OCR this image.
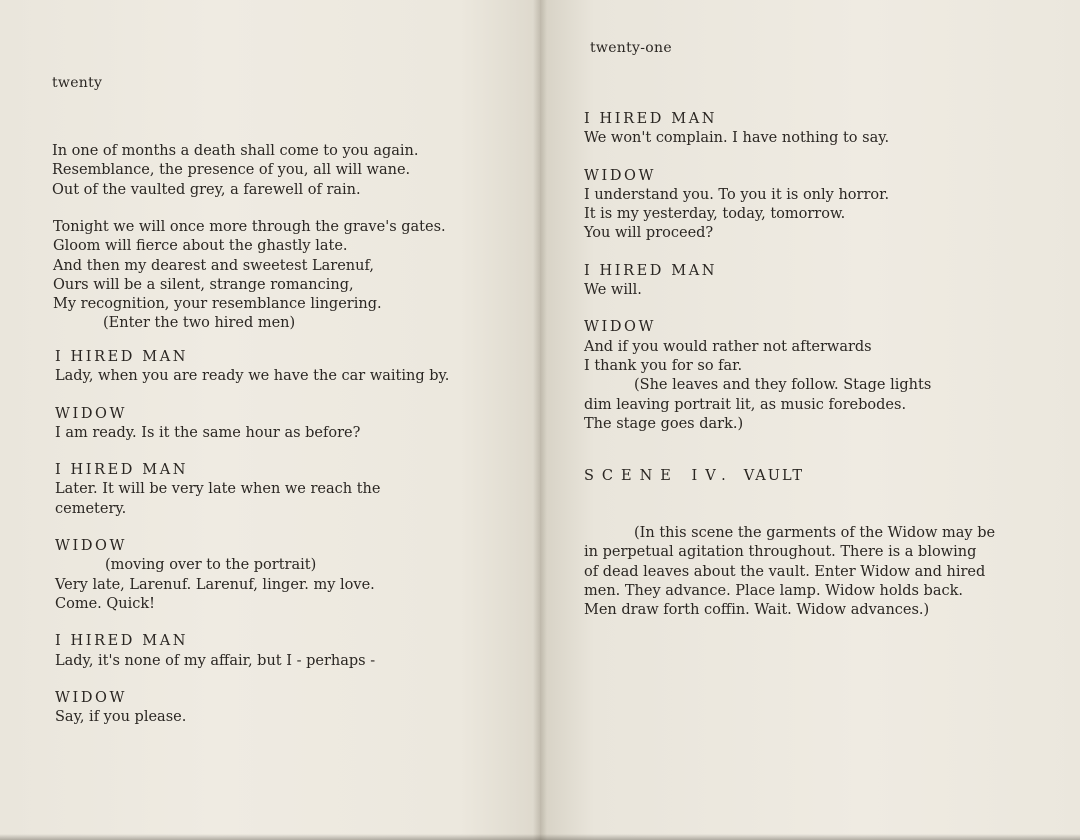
twenty
In one of months a death shall come to you again.
Resemblance, the presence of you, all will wane.
Out of the vaulted grey, a farewell of rain.
Tonight we will once more through the grave's gates.
Gloom will fierce about the ghastly late.
And then my dearest and sweetest Larenuf,
Ours will be a silent, strange romancing,
My recognition, your resemblance lingering.
(Enter the two hired men)
I HIRED MAN
Lady, when you are ready we have the car waiting by.
WIDOW
I am ready. Is it the same hour as before?
I HIRED MAN
Later. It will be very late when we reach the
cemetery.
WIDOW
(moving over to the portrait)
Very late, Larenuf. Larenuf, linger. my love.
Come. Quick!
I HIRED MAN
Lady, it's none of my affair, but I - perhaps -
WIDOW
Say, if you please.
twenty-one
I HIRED MAN
We won't complain. I have nothing to say.
WIDOW
I understand you. To you it is only horror.
It is my yesterday, today, tomorrow.
You will proceed?
I HIRED MAN
We will.
WIDOW
And if you would rather not afterwards
I thank you for so far.
(She leaves and they follow. Stage lights
dim leaving portrait lit, as music forebodes.
The stage goes dark.)
SCENE IV. VAULT
(In this scene the garments of the Widow may be
in perpetual agitation throughout. There is a blowing
of dead leaves about the vault. Enter Widow and hired
men. They advance. Place lamp. Widow holds back.
Men draw forth coffin. Wait. Widow advances.)
